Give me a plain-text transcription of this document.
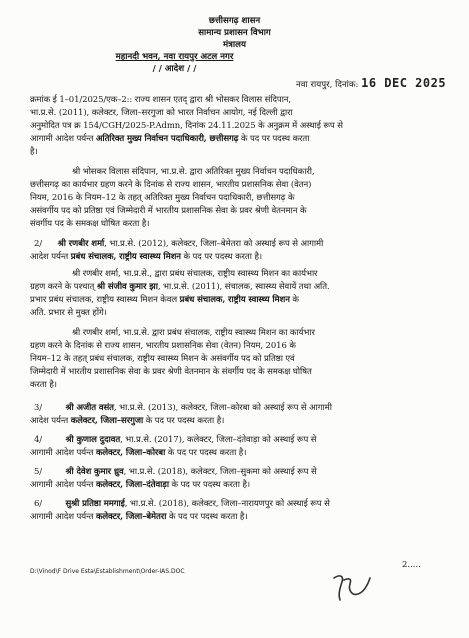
छत्तीसगढ़ शासन
सामान्य प्रशासन विभाग
मंत्रालय
महानदी भवन, नवा रायपुर अटल नगर
/ / आदेश / /
नवा रायपुर, दिनांक: 16 DEC 2025
क्रमांक ई 1–01/2025/एक–2:: राज्य शासन एतद् द्वारा श्री भोसकर विलास संदिपान,
भा.प्र.से. (2011), कलेक्टर, जिला–सरगुजा को भारत निर्वाचन आयोग, नई दिल्ली द्वारा
अनुमोदित पत्र क्र 154/CGH/2025-P.Admn, दिनांक 24.11.2025 के अनुक्रम में अस्थाई रूप से
आगामी आदेश पर्यन्त अतिरिक्त मुख्य निर्वाचन पदाधिकारी, छत्तीसगढ़ के पद पर पदस्थ करता
है।
श्री भोसकर विलास संदिपान, भा.प्र.से. द्वारा अतिरिक्त मुख्य निर्वाचन पदाधिकारी,
छत्तीसगढ़ का कार्यभार ग्रहण करने के दिनांक से राज्य शासन, भारतीय प्रशासनिक सेवा (वेतन)
नियम, 2016 के नियम–12 के तहत् अतिरिक्त मुख्य निर्वाचन पदाधिकारी, छत्तीसगढ़ के
असंवर्गीय पद को प्रतिष्ठा एवं जिम्मेदारी में भारतीय प्रशासनिक सेवा के प्रवर श्रेणी वेतनमान के
संवर्गीय पद के समकक्ष घोषित करता है।
2/ श्री रणबीर शर्मा, भा.प्र.से. (2012), कलेक्टर, जिला–बेमेतरा को अस्थाई रूप से आगामी
आदेश पर्यन्त प्रबंध संचालक, राष्ट्रीय स्वास्थ्य मिशन के पद पर पदस्थ करता है।
श्री रणबीर शर्मा, भा.प्र.से., द्वारा प्रबंध संचालक, राष्ट्रीय स्वास्थ्य मिशन का कार्यभार
ग्रहण करने के पश्चात् श्री संजीव कुमार झा, भा.प्र.से. (2011), संचालक, स्वास्थ्य सेवायें तथा अति.
प्रभार प्रबंध संचालक, राष्ट्रीय स्वास्थ्य मिशन केवल प्रबंध संचालक, राष्ट्रीय स्वास्थ्य मिशन के
अति. प्रभार से मुक्त होंगे।
श्री रणबीर शर्मा, भा.प्र.से. द्वारा प्रबंध संचालक, राष्ट्रीय स्वास्थ्य मिशन का कार्यभार
ग्रहण करने के दिनांक से राज्य शासन, भारतीय प्रशासनिक सेवा (वेतन) नियम, 2016 के
नियम–12 के तहत् प्रबंध संचालक, राष्ट्रीय स्वास्थ्य मिशन के असंवर्गीय पद को प्रतिष्ठा एवं
जिम्मेदारी में भारतीय प्रशासनिक सेवा के प्रवर श्रेणी वेतनमान के संवर्गीय पद के समकक्ष घोषित
करता है।
3/	श्री अजीत वसंत, भा.प्र.से. (2013), कलेक्टर, जिला–कोरबा को अस्थाई रूप से आगामी
आदेश पर्यन्त कलेक्टर, जिला–सरगुजा के पद पर पदस्थ करता है।
4/	श्री कुणाल दुदावत, भा.प्र.से. (2017), कलेक्टर, जिला–दंतेवाड़ा को अस्थाई रूप से
आगामी आदेश पर्यन्त कलेक्टर, जिला–कोरबा के पद पर पदस्थ करता है।
5/	श्री देवेश कुमार ध्रुव, भा.प्र.से. (2018), कलेक्टर, जिला–सुकमा को अस्थाई रूप से
आगामी आदेश पर्यन्त कलेक्टर, जिला–दंतेवाड़ा के पद पर पदस्थ करता है।
6/	सुश्री प्रतिष्ठा ममगाई, भा.प्र.से. (2018), कलेक्टर, जिला–नारायणपुर को अस्थाई रूप से
आगामी आदेश पर्यन्त कलेक्टर, जिला–बेमेतरा के पद पर पदस्थ करता है।
2.....
D:\Vinod\F Drive Esta\Establishment\Order-IAS.DOC
